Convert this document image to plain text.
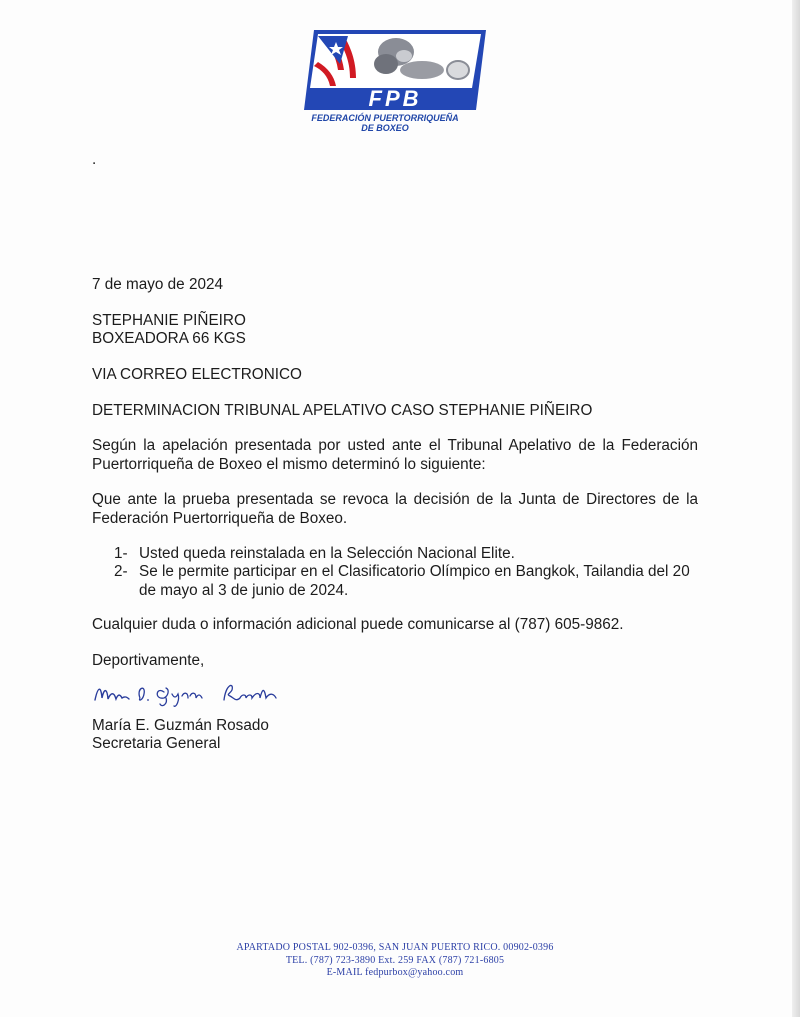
FPB
FEDERACIÓN PUERTORRIQUEÑA
DE BOXEO
.
7 de mayo de 2024
STEPHANIE PIÑEIRO
BOXEADORA 66 KGS
VIA CORREO ELECTRONICO
DETERMINACION TRIBUNAL APELATIVO CASO STEPHANIE PIÑEIRO
Según la apelación presentada por usted ante el Tribunal Apelativo de la Federación Puertorriqueña de Boxeo el mismo determinó lo siguiente:
Que ante la prueba presentada se revoca la decisión de la Junta de Directores de la Federación Puertorriqueña de Boxeo.
1- Usted queda reinstalada en la Selección Nacional Elite.
2- Se le permite participar en el Clasificatorio Olímpico en Bangkok, Tailandia del 20 de mayo al 3 de junio de 2024.
Cualquier duda o información adicional puede comunicarse al (787) 605-9862.
Deportivamente,
María E. Guzmán Rosado
Secretaria General
APARTADO POSTAL 902-0396, SAN JUAN PUERTO RICO. 00902-0396
TEL. (787) 723-3890 Ext. 259 FAX (787) 721-6805
E-MAIL fedpurbox@yahoo.com
